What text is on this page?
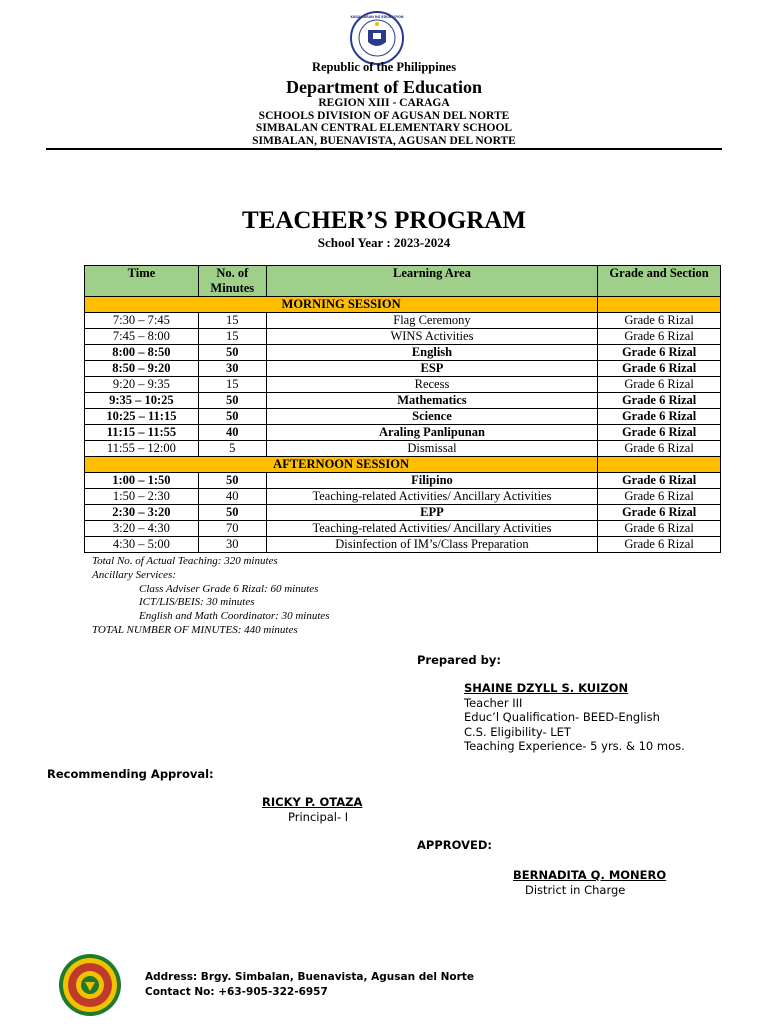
KAGAWARAN NG EDUKASYON
Republic of the Philippines
Department of Education
REGION XIII - CARAGA
SCHOOLS DIVISION OF AGUSAN DEL NORTE
SIMBALAN CENTRAL ELEMENTARY SCHOOL
SIMBALAN, BUENAVISTA, AGUSAN DEL NORTE
TEACHER’S PROGRAM
School Year : 2023-2024
Time	No. of Minutes	Learning Area	Grade and Section
MORNING SESSION			
7:30 – 7:45	15	Flag Ceremony	Grade 6 Rizal
7:45 – 8:00	15	WINS Activities	Grade 6 Rizal
8:00 – 8:50	50	English	Grade 6 Rizal
8:50 – 9:20	30	ESP	Grade 6 Rizal
9:20 – 9:35	15	Recess	Grade 6 Rizal
9:35 – 10:25	50	Mathematics	Grade 6 Rizal
10:25 – 11:15	50	Science	Grade 6 Rizal
11:15 – 11:55	40	Araling Panlipunan	Grade 6 Rizal
11:55 – 12:00	5	Dismissal	Grade 6 Rizal
AFTERNOON SESSION			
1:00 – 1:50	50	Filipino	Grade 6 Rizal
1:50 – 2:30	40	Teaching-related Activities/ Ancillary Activities	Grade 6 Rizal
2:30 – 3:20	50	EPP	Grade 6 Rizal
3:20 – 4:30	70	Teaching-related Activities/ Ancillary Activities	Grade 6 Rizal
4:30 – 5:00	30	Disinfection of IM’s/Class Preparation	Grade 6 Rizal
Total No. of Actual Teaching: 320 minutes
Ancillary Services:
Class Adviser Grade 6 Rizal: 60 minutes
ICT/LIS/BEIS: 30 minutes
English and Math Coordinator: 30 minutes
TOTAL NUMBER OF MINUTES: 440 minutes
Prepared by:
SHAINE DZYLL S. KUIZON
Teacher III
Educ’l Qualification- BEED-English
C.S. Eligibility- LET
Teaching Experience- 5 yrs. & 10 mos.
Recommending Approval:
RICKY P. OTAZA
Principal- I
APPROVED:
BERNADITA Q. MONERO
District in Charge
Address: Brgy. Simbalan, Buenavista, Agusan del Norte
Contact No: +63-905-322-6957
